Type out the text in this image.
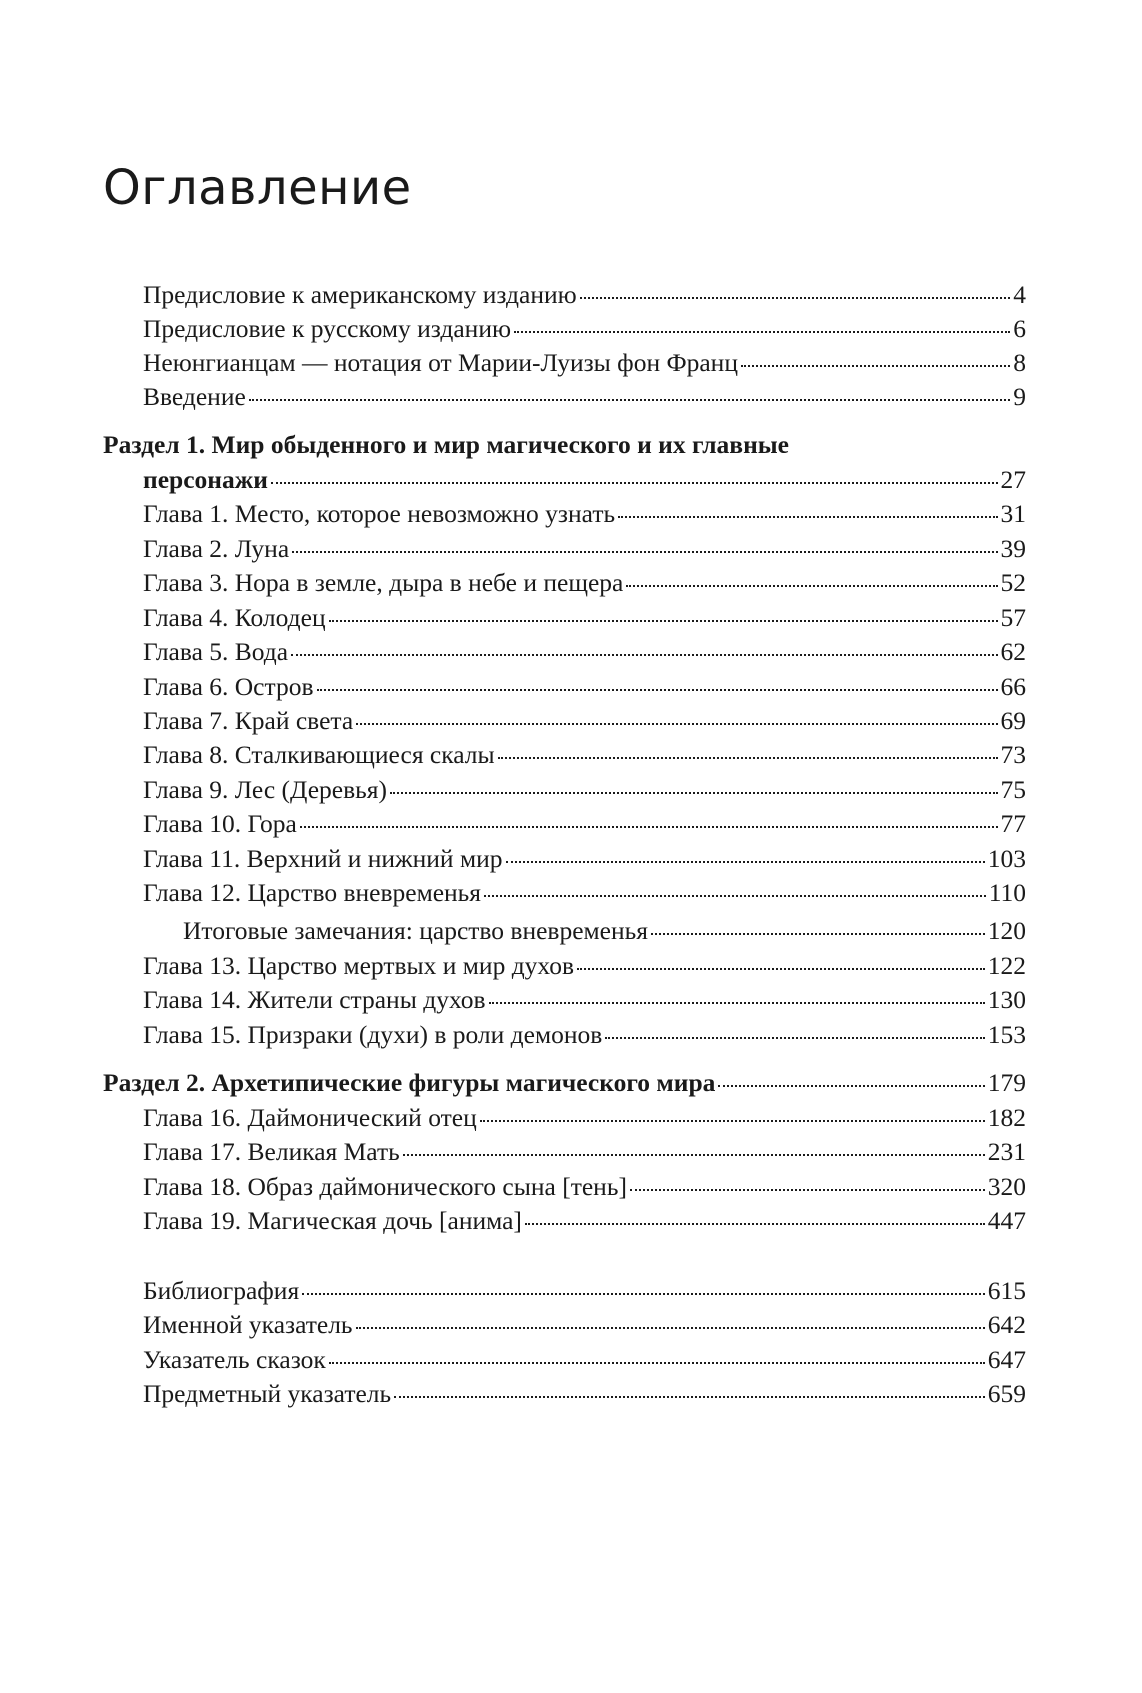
Оглавление
Предисловие к американскому изданию	4
Предисловие к русскому изданию	6
Неюнгианцам — нотация от Марии-Луизы фон Франц	8
Введение	9
Раздел 1. Мир обыденного и мир магического и их главные
персонажи	27
Глава 1. Место, которое невозможно узнать	31
Глава 2. Луна	39
Глава 3. Нора в земле, дыра в небе и пещера	52
Глава 4. Колодец	57
Глава 5. Вода	62
Глава 6. Остров	66
Глава 7. Край света	69
Глава 8. Сталкивающиеся скалы	73
Глава 9. Лес (Деревья)	75
Глава 10. Гора	77
Глава 11. Верхний и нижний мир	103
Глава 12. Царство вневременья	110
Итоговые замечания: царство вневременья	120
Глава 13. Царство мертвых и мир духов	122
Глава 14. Жители страны духов	130
Глава 15. Призраки (духи) в роли демонов	153
Раздел 2. Архетипические фигуры магического мира	179
Глава 16. Даймонический отец	182
Глава 17. Великая Мать	231
Глава 18. Образ даймонического сына [тень]	320
Глава 19. Магическая дочь [анима]	447
Библиография	615
Именной указатель	642
Указатель сказок	647
Предметный указатель	659
